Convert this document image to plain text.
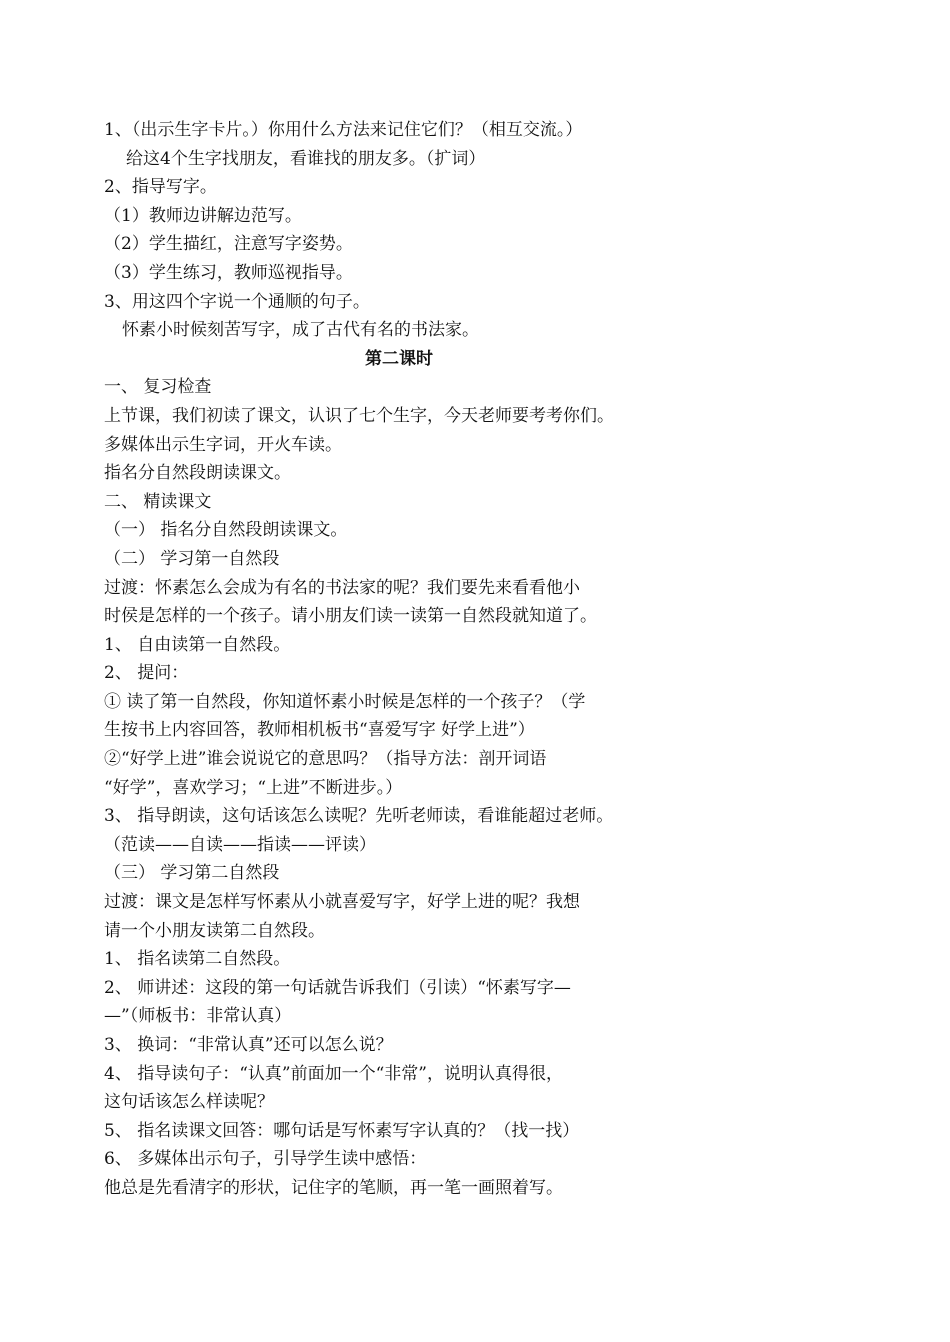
1、（出示生字卡片。）你用什么方法来记住它们？（相互交流。）
给这4个生字找朋友，看谁找的朋友多。（扩词）
2、指导写字。
（1）教师边讲解边范写。
（2）学生描红，注意写字姿势。
（3）学生练习，教师巡视指导。
3、用这四个字说一个通顺的句子。
怀素小时候刻苦写字，成了古代有名的书法家。
第二课时
一、 复习检查
上节课，我们初读了课文，认识了七个生字，今天老师要考考你们。
多媒体出示生字词，开火车读。
指名分自然段朗读课文。
二、 精读课文
（一） 指名分自然段朗读课文。
（二） 学习第一自然段
过渡：怀素怎么会成为有名的书法家的呢？我们要先来看看他小
时侯是怎样的一个孩子。请小朋友们读一读第一自然段就知道了。
1、 自由读第一自然段。
2、 提问：
① 读了第一自然段，你知道怀素小时候是怎样的一个孩子？（学
生按书上内容回答，教师相机板书“喜爱写字 好学上进”）
②“好学上进”谁会说说它的意思吗？（指导方法：剖开词语
“好学”，喜欢学习；“上进”不断进步。）
3、 指导朗读，这句话该怎么读呢？先听老师读，看谁能超过老师。
（范读——自读——指读——评读）
（三） 学习第二自然段
过渡：课文是怎样写怀素从小就喜爱写字，好学上进的呢？我想
请一个小朋友读第二自然段。
1、 指名读第二自然段。
2、 师讲述：这段的第一句话就告诉我们（引读）“怀素写字—
—”（师板书：非常认真）
3、 换词：“非常认真”还可以怎么说？
4、 指导读句子：“认真”前面加一个“非常”，说明认真得很，
这句话该怎么样读呢？
5、 指名读课文回答：哪句话是写怀素写字认真的？（找一找）
6、 多媒体出示句子，引导学生读中感悟：
他总是先看清字的形状，记住字的笔顺，再一笔一画照着写。
